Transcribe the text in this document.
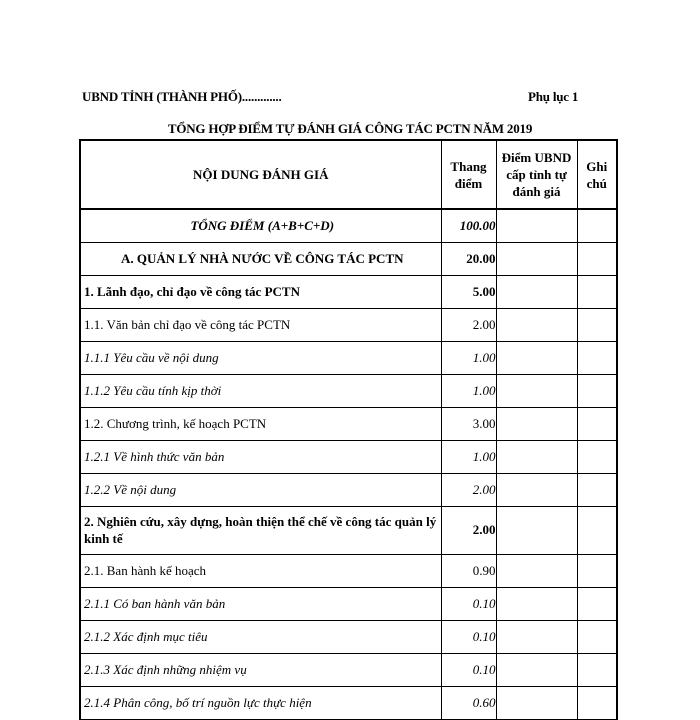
UBND TỈNH (THÀNH PHỐ).............	Phụ lục 1
TỔNG HỢP ĐIỂM TỰ ĐÁNH GIÁ CÔNG TÁC PCTN NĂM 2019
NỘI DUNG ĐÁNH GIÁ	Thang điểm	Điểm UBND cấp tỉnh tự đánh giá	Ghi chú
TỔNG ĐIỂM (A+B+C+D)	100.00		
A. QUẢN LÝ NHÀ NƯỚC VỀ CÔNG TÁC PCTN	20.00		
1. Lãnh đạo, chỉ đạo về công tác PCTN	5.00		
1.1. Văn bản chỉ đạo về công tác PCTN	2.00		
1.1.1 Yêu cầu về nội dung	1.00		
1.1.2 Yêu cầu tính kịp thời	1.00		
1.2. Chương trình, kế hoạch PCTN	3.00		
1.2.1 Về hình thức văn bản	1.00		
1.2.2 Về nội dung	2.00		
2. Nghiên cứu, xây dựng, hoàn thiện thể chế về công tác quản lý kinh tế	2.00		
2.1. Ban hành kế hoạch	0.90		
2.1.1 Có ban hành văn bản	0.10		
2.1.2 Xác định mục tiêu	0.10		
2.1.3 Xác định những nhiệm vụ	0.10		
2.1.4 Phân công, bố trí nguồn lực thực hiện	0.60		
